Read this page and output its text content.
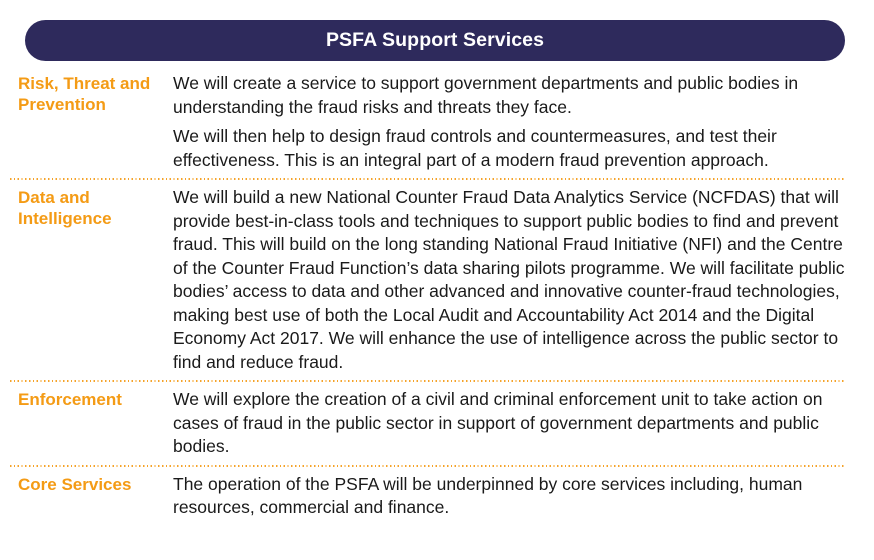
PSFA Support Services
Risk, Threat and Prevention

We will create a service to support government departments and public bodies in understanding the fraud risks and threats they face.

We will then help to design fraud controls and countermeasures, and test their effectiveness. This is an integral part of a modern fraud prevention approach.

Data and Intelligence

We will build a new National Counter Fraud Data Analytics Service (NCFDAS) that will provide best-in-class tools and techniques to support public bodies to find and prevent fraud. This will build on the long standing National Fraud Initiative (NFI) and the Centre of the Counter Fraud Function’s data sharing pilots programme. We will facilitate public bodies’ access to data and other advanced and innovative counter-fraud technologies, making best use of both the Local Audit and Accountability Act 2014 and the Digital Economy Act 2017. We will enhance the use of intelligence across the public sector to find and reduce fraud.

Enforcement	We will explore the creation of a civil and criminal enforcement unit to take action on cases of fraud in the public sector in support of government departments and public bodies.

Core Services	The operation of the PSFA will be underpinned by core services including, human resources, commercial and finance.
